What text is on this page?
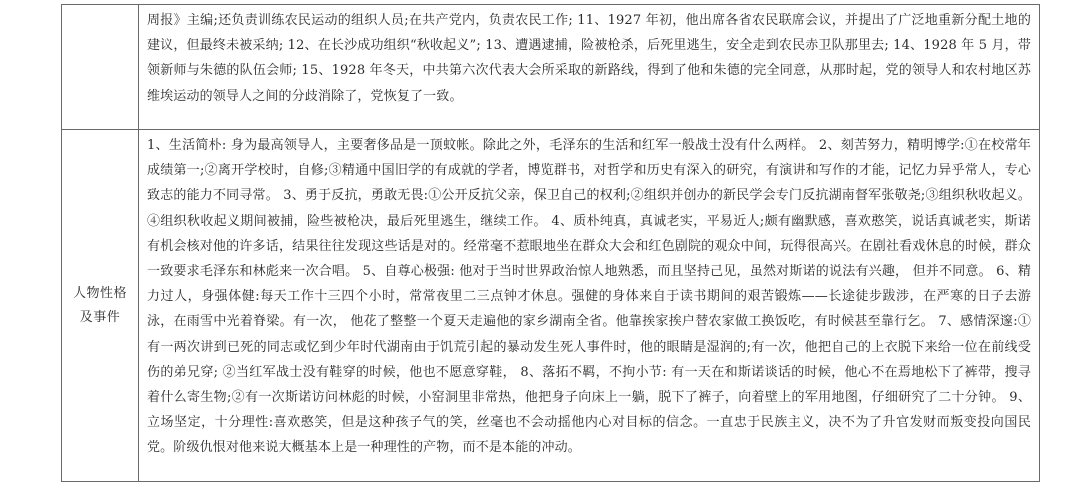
	周报》主编;还负责训练农民运动的组织人员;在共产党内，负责农民工作; 11、1927 年初，他出席各省农民联席会议，并提出了广泛地重新分配土地的建议，但最终未被采纳; 12、在长沙成功组织“秋收起义”; 13、遭遇逮捕，险被枪杀，后死里逃生，安全走到农民赤卫队那里去; 14、1928 年 5 月，带领新师与朱德的队伍会师; 15、1928 年冬天，中共第六次代表大会所采取的新路线，得到了他和朱德的完全同意，从那时起，党的领导人和农村地区苏维埃运动的领导人之间的分歧消除了，党恢复了一致。

人物性格及事件	1、生活简朴: 身为最高领导人，主要奢侈品是一顶蚊帐。除此之外，毛泽东的生活和红军一般战士没有什么两样。 2、刻苦努力，精明博学:①在校常年成绩第一;②离开学校时，自修;③精通中国旧学的有成就的学者，博览群书，对哲学和历史有深入的研究，有演讲和写作的才能，记忆力异乎常人，专心致志的能力不同寻常。 3、勇于反抗，勇敢无畏:①公开反抗父亲，保卫自己的权利;②组织并创办的新民学会专门反抗湖南督军张敬尧;③组织秋收起义。④组织秋收起义期间被捕，险些被枪决，最后死里逃生，继续工作。 4、质朴纯真，真诚老实，平易近人;颇有幽默感，喜欢憨笑，说话真诚老实，斯诺有机会核对他的许多话，结果往往发现这些话是对的。经常毫不惹眼地坐在群众大会和红色剧院的观众中间，玩得很高兴。在剧社看戏休息的时候，群众一致要求毛泽东和林彪来一次合唱。 5、自尊心极强: 他对于当时世界政治惊人地熟悉，而且坚持己见，虽然对斯诺的说法有兴趣， 但并不同意。 6、精力过人，身强体健:每天工作十三四个小时，常常夜里二三点钟才休息。强健的身体来自于读书期间的艰苦锻炼——长途徒步跋涉，在严寒的日子去游泳，在雨雪中光着脊梁。有一次， 他花了整整一个夏天走遍他的家乡湖南全省。他靠挨家挨户替农家做工换饭吃，有时候甚至靠行乞。 7、感情深邃:①有一两次讲到已死的同志或忆到少年时代湖南由于饥荒引起的暴动发生死人事件时，他的眼睛是湿润的;有一次，他把自己的上衣脱下来给一位在前线受伤的弟兄穿; ②当红军战士没有鞋穿的时候，他也不愿意穿鞋， 8、落拓不羁，不拘小节: 有一天在和斯诺谈话的时候，他心不在焉地松下了裤带，搜寻着什么寄生物;②有一次斯诺访问林彪的时候，小窑洞里非常热，他把身子向床上一躺，脱下了裤子，向着壁上的军用地图，仔细研究了二十分钟。 9、立场坚定，十分理性:喜欢憨笑，但是这种孩子气的笑，丝毫也不会动摇他内心对目标的信念。一直忠于民族主义，决不为了升官发财而叛变投向国民党。阶级仇恨对他来说大概基本上是一种理性的产物，而不是本能的冲动。
